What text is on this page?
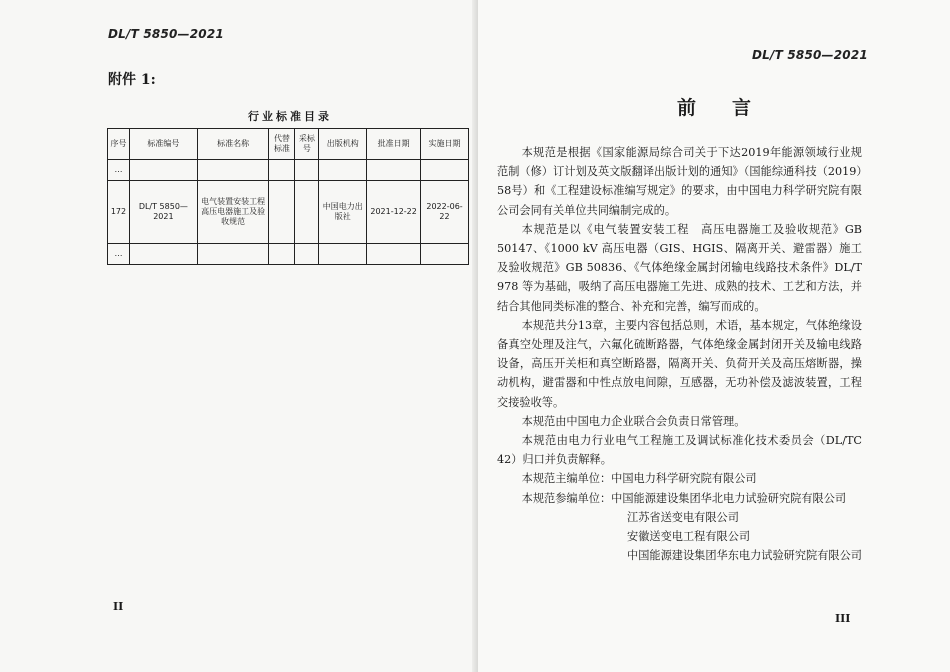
DL/T 5850—2021
附件 1:
行业标准目录
序号	标准编号	标准名称	代替标准	采标号	出版机构	批准日期	实施日期
…							
172	DL/T 5850—2021	电气装置安装工程 高压电器施工及验收规范			中国电力出版社	2021-12-22	2022-06-22
…							
II
DL/T 5850—2021
前言

本规范是根据《国家能源局综合司关于下达2019年能源领域行业规范制（修）订计划及英文版翻译出版计划的通知》（国能综通科技（2019）58号）和《工程建设标准编写规定》的要求，由中国电力科学研究院有限公司会同有关单位共同编制完成的。

本规范是以《电气装置安装工程　高压电器施工及验收规范》GB 50147、《1000 kV 高压电器（GIS、HGIS、隔离开关、避雷器）施工及验收规范》GB 50836、《气体绝缘金属封闭输电线路技术条件》DL/T 978 等为基础，吸纳了高压电器施工先进、成熟的技术、工艺和方法，并结合其他同类标准的整合、补充和完善，编写而成的。

本规范共分13章，主要内容包括总则，术语，基本规定，气体绝缘设备真空处理及注气，六氟化硫断路器，气体绝缘金属封闭开关及输电线路设备，高压开关柜和真空断路器，隔离开关、负荷开关及高压熔断器，操动机构，避雷器和中性点放电间隙，互感器，无功补偿及滤波装置，工程交接验收等。

本规范由中国电力企业联合会负责日常管理。

本规范由电力行业电气工程施工及调试标准化技术委员会（DL/TC 42）归口并负责解释。

本规范主编单位： 中国电力科学研究院有限公司
本规范参编单位： 中国能源建设集团华北电力试验研究院有限公司
江苏省送变电有限公司
安徽送变电工程有限公司
中国能源建设集团华东电力试验研究院有限公司
III
